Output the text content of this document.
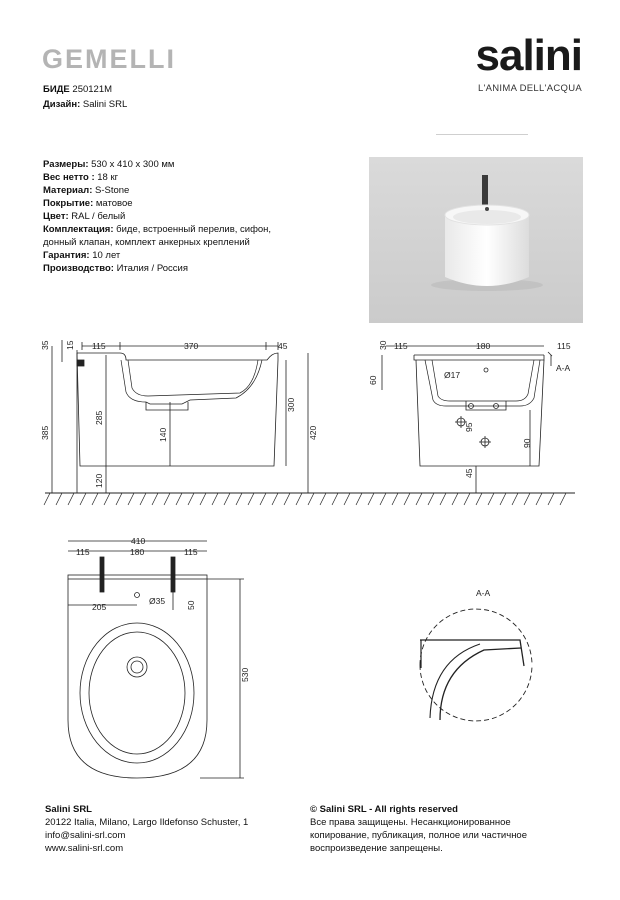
GEMELLI
БИДЕ 250121M
Дизайн: Salini SRL
salini
L'ANIMA DELL'ACQUA
Размеры: 530 х 410 х 300 мм
Вес нетто : 18 кг
Материал: S-Stone
Покрытие: матовое
Цвет: RAL / белый
Комплектация: биде, встроенный перелив, сифон, донный клапан, комплект анкерных креплений
Гарантия: 10 лет
Производство: Италия / Россия
35 15 115	370	45
285
140
300
420
385
120
30 115	180	115
A-A
60
Ø17
95
90
45
410
115	180	115
205
Ø35 50
530
A-A
Salini SRL
20122 Italia, Milano, Largo Ildefonso Schuster, 1
info@salini-srl.com
www.salini-srl.com
© Salini SRL - All rights reserved
Все права защищены. Несанкционированное
копирование, публикация, полное или частичное
воспроизведение запрещены.
